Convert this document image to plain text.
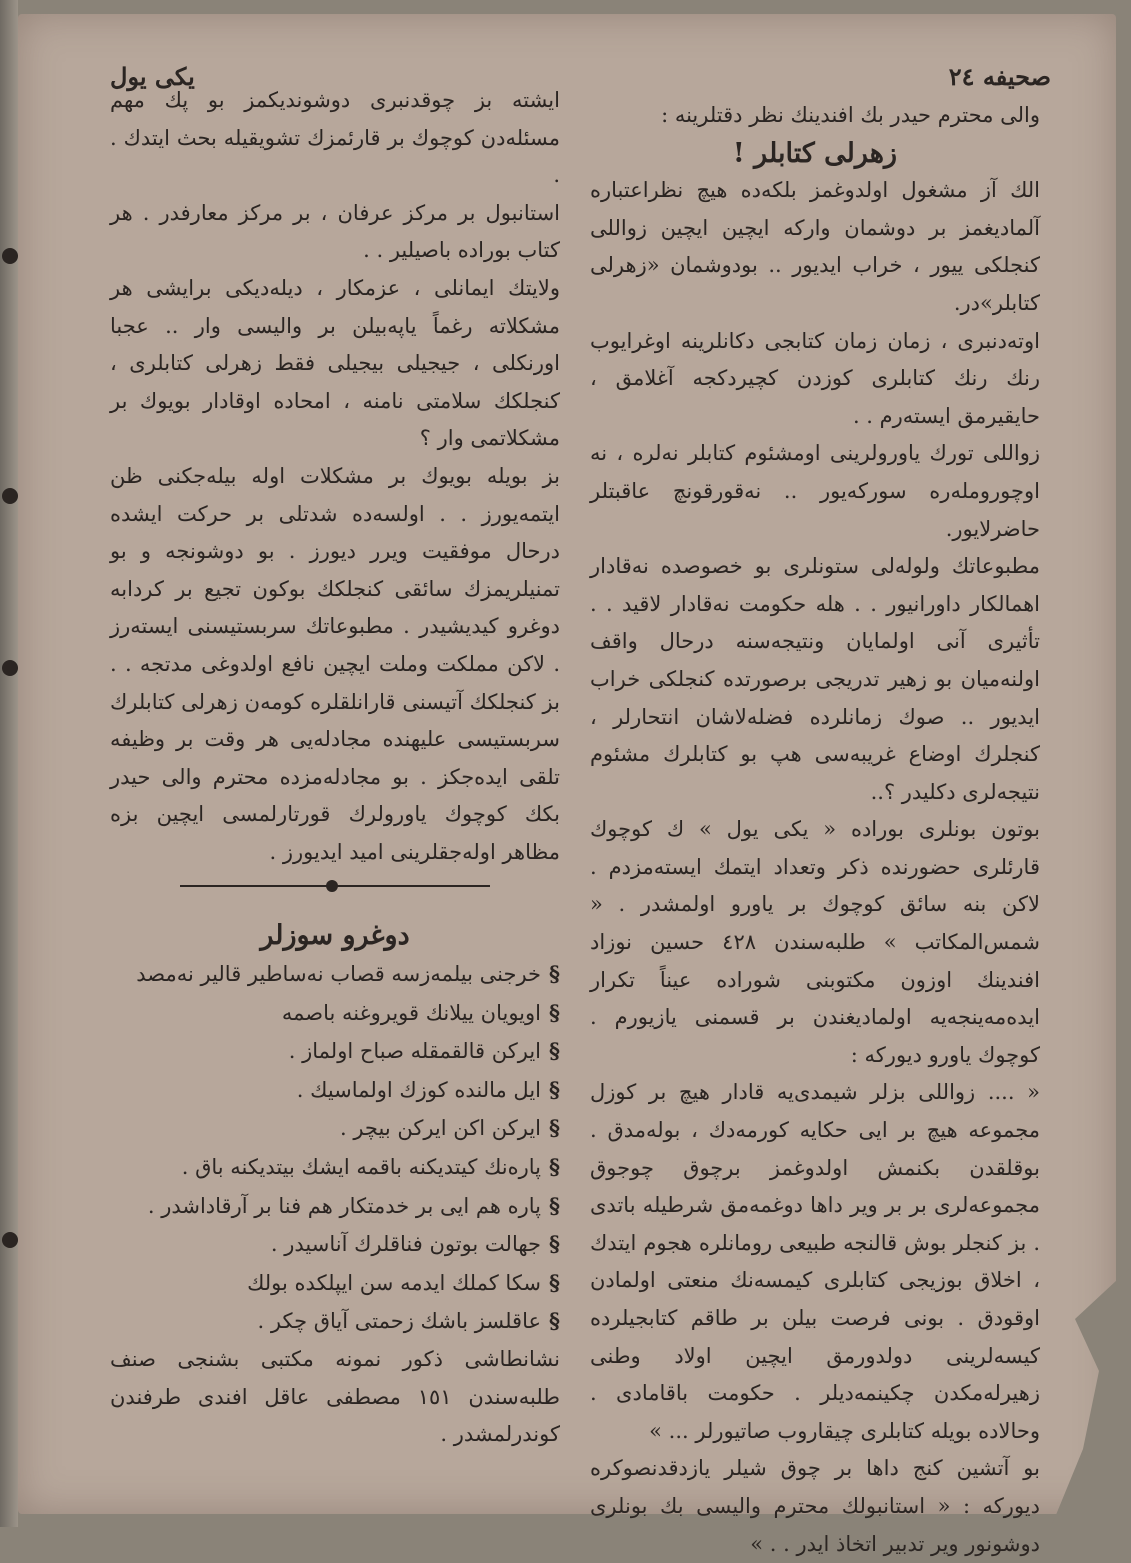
یکی یول	صحیفه ۲٤

والی محترم حیدر بك افندینك نظر دقتلرینه :

زهرلی کتابلر !

الك آز مشغول اولدوغمز بلکه‌ده هیچ نظراعتباره آلمادیغمز بر دوشمان وارکه ایچین ایچین زواللی کنجلکی ییور ، خراب ایدیور .. بودوشمان «زهرلی کتابلر»در.

اوته‌دنبری ، زمان زمان کتابجی دکانلرینه اوغرایوب رنك رنك کتابلری کوزدن کچیردکجه آغلامق ، حایقیرمق ایسته‌رم . .

زواللی تورك یاورولرینی اومشئوم کتابلر نه‌لره ، نه اوچورومله‌ره سورکه‌یور .. نه‌قورقونچ عاقبتلر حاضرلایور.

مطبوعاتك ولوله‌لی ستونلری بو خصوصده نه‌قادار اهمالکار داورانیور . . هله حکومت نه‌قادار لاقید . . تأثیری آنی اولمایان ونتیجه‌سنه درحال واقف اولنه‌میان بو زهیر تدریجی برصورتده کنجلکی خراب ایدیور .. صوك زمانلرده فضله‌لاشان انتحارلر ، کنجلرك اوضاع غریبه‌سی هپ بو کتابلرك مشئوم نتیجه‌لری دکلیدر ؟..

بوتون بونلری بوراده « یکی یول » ك کوچوك قارئلری حضورنده ذکر وتعداد ایتمك ایسته‌مزدم . لاکن بنه سائق کوچوك بر یاورو اولمشدر . « شمس‌المکاتب » طلبه‌سندن ٤٢٨ حسین نوزاد افندینك اوزون مکتوبنی شوراده عیناً تکرار ایده‌مه‌ینجه‌یه اولمادیغندن بر قسمنی یازیورم . کوچوك یاورو دیورکه :

« .... زواللی بزلر شیمدی‌یه قادار هیچ بر کوزل مجموعه هیچ بر ایی حکایه کورمه‌دك ، بوله‌مدق . بوقلقدن بکنمش اولدوغمز برچوق چوجوق مجموعه‌لری بر بر ویر داها دوغمه‌مق شرطیله باتدی . بز کنجلر بوش قالنجه طبیعی رومانلره هجوم ایتدك ، اخلاق بوزیجی کتابلری کیمسه‌نك منعتی اولمادن اوقودق . بونی فرصت بیلن بر طاقم کتابجیلرده کیسه‌لرینی دولدورمق ایچین اولاد وطنی زهیرله‌مکدن چکینمه‌دیلر . حکومت باقامادی . وحالاده بویله کتابلری چیقاروب صاتیورلر ... »

بو آتشین کنج داها بر چوق شیلر یازدقدنصوکره دیورکه : « استانبولك محترم والیسی بك بونلری دوشونور ویر تدبیر اتخاذ ایدر . . »

ایشته بز چوقدنبری دوشوندیکمز بو پك مهم مسئله‌دن کوچوك بر قارئمزك تشویقیله بحث ایتدك . .

استانبول بر مرکز عرفان ، بر مرکز معارفدر . هر کتاب بوراده باصیلیر . .

ولایتك ایمانلی ، عزمکار ، دیله‌دیکی برایشی هر مشکلاته رغماً یاپه‌بیلن بر والیسی وار .. عجبا اورنکلی ، جیجیلی بیجیلی فقط زهرلی کتابلری ، کنجلکك سلامتی نامنه ، امحاده اوقادار بویوك بر مشکلاتمی وار ؟

بز بویله بویوك بر مشکلات اوله بیله‌جکنی ظن ایتمه‌یورز . . اولسه‌ده شدتلی بر حرکت ایشده درحال موفقیت ویرر دیورز . بو دوشونجه و بو تمنیلریمزك سائقی کنجلکك بوکون تجیع بر کردابه دوغرو کیدیشیدر . مطبوعاتك سربستیسنی ایسته‌رز . لاکن مملکت وملت ایچین نافع اولدوغی مدتجه . . بز کنجلکك آتیسنی قارانلقلره کومه‌ن زهرلی کتابلرك سربستیسی علیهنده مجادله‌یی هر وقت بر وظیفه تلقی ایده‌جکز . بو مجادله‌مزده محترم والی حیدر بکك کوچوك یاورولرك قورتارلمسی ایچین بزه مظاهر اوله‌جقلرینی امید ایدیورز .

دوغرو سوزلر

§خرجنی بیلمه‌زسه قصاب نه‌ساطیر قالیر نه‌مصد
§اویویان ییلانك قویروغنه باصمه
§ایرکن قالقمقله صباح اولماز .
§ایل مالنده کوزك اولماسیك .
§ایرکن اکن ایرکن بیچر .
§پاره‌نك کیتدیکنه باقمه ایشك بیتدیکنه باق .
§پاره هم ایی بر خدمتکار هم فنا بر آرقاداشدر .
§جهالت بوتون فناقلرك آناسیدر .
§سکا کملك ایدمه سن ایپلکده بولك
§عاقلسز باشك زحمتی آیاق چکر .

نشانطاشی ذکور نمونه مکتبی بشنجی صنف طلبه‌سندن ١٥١ مصطفی عاقل افندی طرفندن کوندرلمشدر .
